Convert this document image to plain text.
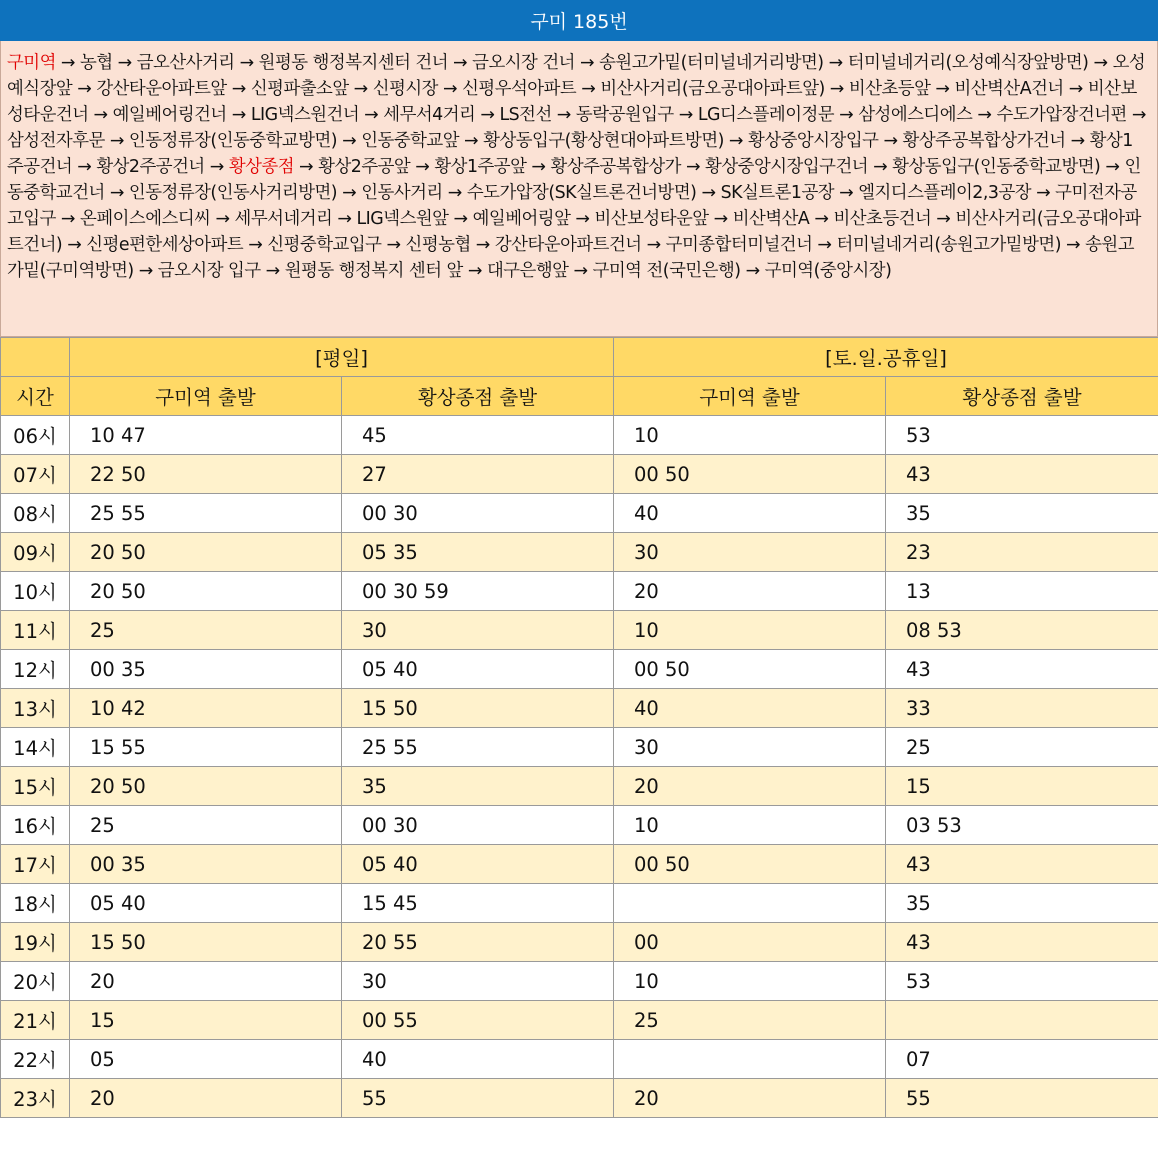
구미 185번
구미역 → 농협 → 금오산사거리 → 원평동 행정복지센터 건너 → 금오시장 건너 → 송원고가밑(터미널네거리방면) → 터미널네거리(오성예식장앞방면) → 오성예식장앞 → 강산타운아파트앞 → 신평파출소앞 → 신평시장 → 신평우석아파트 → 비산사거리(금오공대아파트앞) → 비산초등앞 → 비산벽산A건너 → 비산보성타운건너 → 예일베어링건너 → LIG넥스원건너 → 세무서4거리 → LS전선 → 동락공원입구 → LG디스플레이정문 → 삼성에스디에스 → 수도가압장건너편 → 삼성전자후문 → 인동정류장(인동중학교방면) → 인동중학교앞 → 황상동입구(황상현대아파트방면) → 황상중앙시장입구 → 황상주공복합상가건너 → 황상1주공건너 → 황상2주공건너 → 황상종점 → 황상2주공앞 → 황상1주공앞 → 황상주공복합상가 → 황상중앙시장입구건너 → 황상동입구(인동중학교방면) → 인동중학교건너 → 인동정류장(인동사거리방면) → 인동사거리 → 수도가압장(SK실트론건너방면) → SK실트론1공장 → 엘지디스플레이2,3공장 → 구미전자공고입구 → 온페이스에스디씨 → 세무서네거리 → LIG넥스원앞 → 예일베어링앞 → 비산보성타운앞 → 비산벽산A → 비산초등건너 → 비산사거리(금오공대아파트건너) → 신평e편한세상아파트 → 신평중학교입구 → 신평농협 → 강산타운아파트건너 → 구미종합터미널건너 → 터미널네거리(송원고가밑방면) → 송원고가밑(구미역방면) → 금오시장 입구 → 원평동 행정복지 센터 앞 → 대구은행앞 → 구미역 전(국민은행) → 구미역(중앙시장)
	[평일]		[토.일.공휴일]	
시간	구미역 출발	황상종점 출발	구미역 출발	황상종점 출발
06시	10 47	45	10	53
07시	22 50	27	00 50	43
08시	25 55	00 30	40	35
09시	20 50	05 35	30	23
10시	20 50	00 30 59	20	13
11시	25	30	10	08 53
12시	00 35	05 40	00 50	43
13시	10 42	15 50	40	33
14시	15 55	25 55	30	25
15시	20 50	35	20	15
16시	25	00 30	10	03 53
17시	00 35	05 40	00 50	43
18시	05 40	15 45		35
19시	15 50	20 55	00	43
20시	20	30	10	53
21시	15	00 55	25	
22시	05	40		07
23시	20	55	20	55
